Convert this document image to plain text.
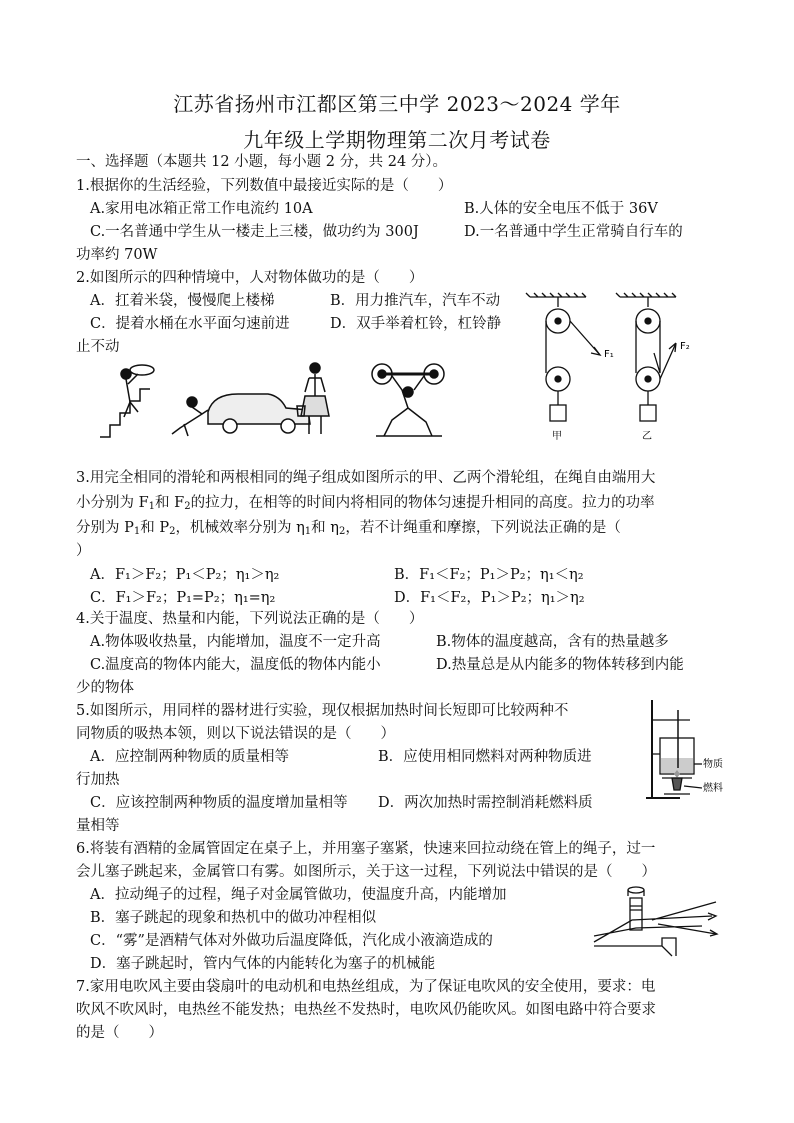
江苏省扬州市江都区第三中学 2023～2024 学年
九年级上学期物理第二次月考试卷
一、选择题（本题共 12 小题，每小题 2 分，共 24 分）。
1.根据你的生活经验，下列数值中最接近实际的是（　　）
A.家用电冰箱正常工作电流约 10A	B.人体的安全电压不低于 36V
C.一名普通中学生从一楼走上三楼，做功约为 300J	D.一名普通中学生正常骑自行车的
功率约 70W
2.如图所示的四种情境中，人对物体做功的是（　　）
A．扛着米袋，慢慢爬上楼梯	B．用力推汽车，汽车不动
C．提着水桶在水平面匀速前进	D．双手举着杠铃，杠铃静
止不动	F₁
F₂
甲	乙
3.用完全相同的滑轮和两根相同的绳子组成如图所示的甲、乙两个滑轮组，在绳自由端用大
小分别为 $F_1$和 $F_2$的拉力，在相等的时间内将相同的物体匀速提升相同的高度。拉力的功率
分别为 $P_1$和 $P_2$，机械效率分别为 $\eta_1$和 $\eta_2$，若不计绳重和摩擦，下列说法正确的是（
）
A．F₁＞F₂；P₁＜P₂；η₁＞η₂	B．F₁＜F₂；P₁＞P₂；η₁＜η₂
C．F₁＞F₂；P₁=P₂；η₁=η₂	D．F₁＜F₂，P₁＞P₂；η₁＞η₂
4.关于温度、热量和内能，下列说法正确的是（　　）
A.物体吸收热量，内能增加，温度不一定升高	B.物体的温度越高，含有的热量越多
C.温度高的物体内能大，温度低的物体内能小	D.热量总是从内能多的物体转移到内能
少的物体
5.如图所示，用同样的器材进行实验，现仅根据加热时间长短即可比较两种不
同物质的吸热本领，则以下说法错误的是（　　）
A．应控制两种物质的质量相等	B．应使用相同燃料对两种物质进
行加热
C．应该控制两种物质的温度增加量相等 D．两次加热时需控制消耗燃料质
量相等
物质
燃料
6.将装有酒精的金属管固定在桌子上，并用塞子塞紧，快速来回拉动绕在管上的绳子，过一
会儿塞子跳起来，金属管口有雾。如图所示，关于这一过程，下列说法中错误的是（　　）
A．拉动绳子的过程，绳子对金属管做功，使温度升高，内能增加
B．塞子跳起的现象和热机中的做功冲程相似
C．“雾”是酒精气体对外做功后温度降低，汽化成小液滴造成的
D．塞子跳起时，管内气体的内能转化为塞子的机械能
7.家用电吹风主要由袋扇叶的电动机和电热丝组成，为了保证电吹风的安全使用，要求：电
吹风不吹风时，电热丝不能发热；电热丝不发热时，电吹风仍能吹风。如图电路中符合要求
的是（　　）
